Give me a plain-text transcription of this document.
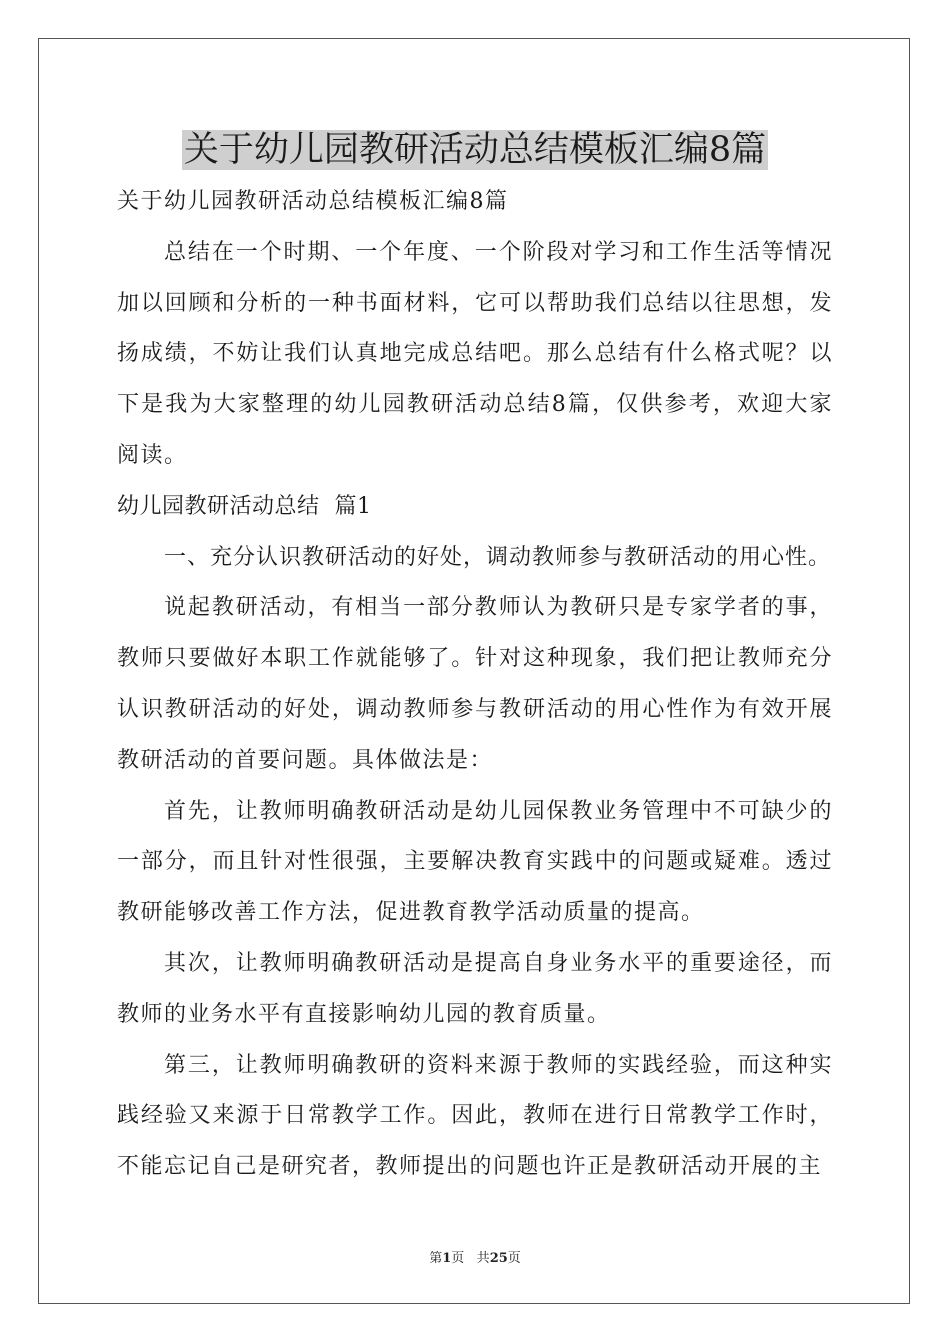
关于幼儿园教研活动总结模板汇编8篇

关于幼儿园教研活动总结模板汇编8篇

总结在一个时期、一个年度、一个阶段对学习和工作生活等情况加以回顾和分析的一种书面材料，它可以帮助我们总结以往思想，发扬成绩，不妨让我们认真地完成总结吧。那么总结有什么格式呢？以下是我为大家整理的幼儿园教研活动总结8篇，仅供参考，欢迎大家阅读。

幼儿园教研活动总结  篇1

一、充分认识教研活动的好处，调动教师参与教研活动的用心性。

说起教研活动，有相当一部分教师认为教研只是专家学者的事，教师只要做好本职工作就能够了。针对这种现象，我们把让教师充分认识教研活动的好处，调动教师参与教研活动的用心性作为有效开展教研活动的首要问题。具体做法是：

首先，让教师明确教研活动是幼儿园保教业务管理中不可缺少的一部分，而且针对性很强，主要解决教育实践中的问题或疑难。透过教研能够改善工作方法，促进教育教学活动质量的提高。

其次，让教师明确教研活动是提高自身业务水平的重要途径，而教师的业务水平有直接影响幼儿园的教育质量。

第三，让教师明确教研的资料来源于教师的实践经验，而这种实践经验又来源于日常教学工作。因此，教师在进行日常教学工作时，不能忘记自己是研究者，教师提出的问题也许正是教研活动开展的主

第1页 共25页
